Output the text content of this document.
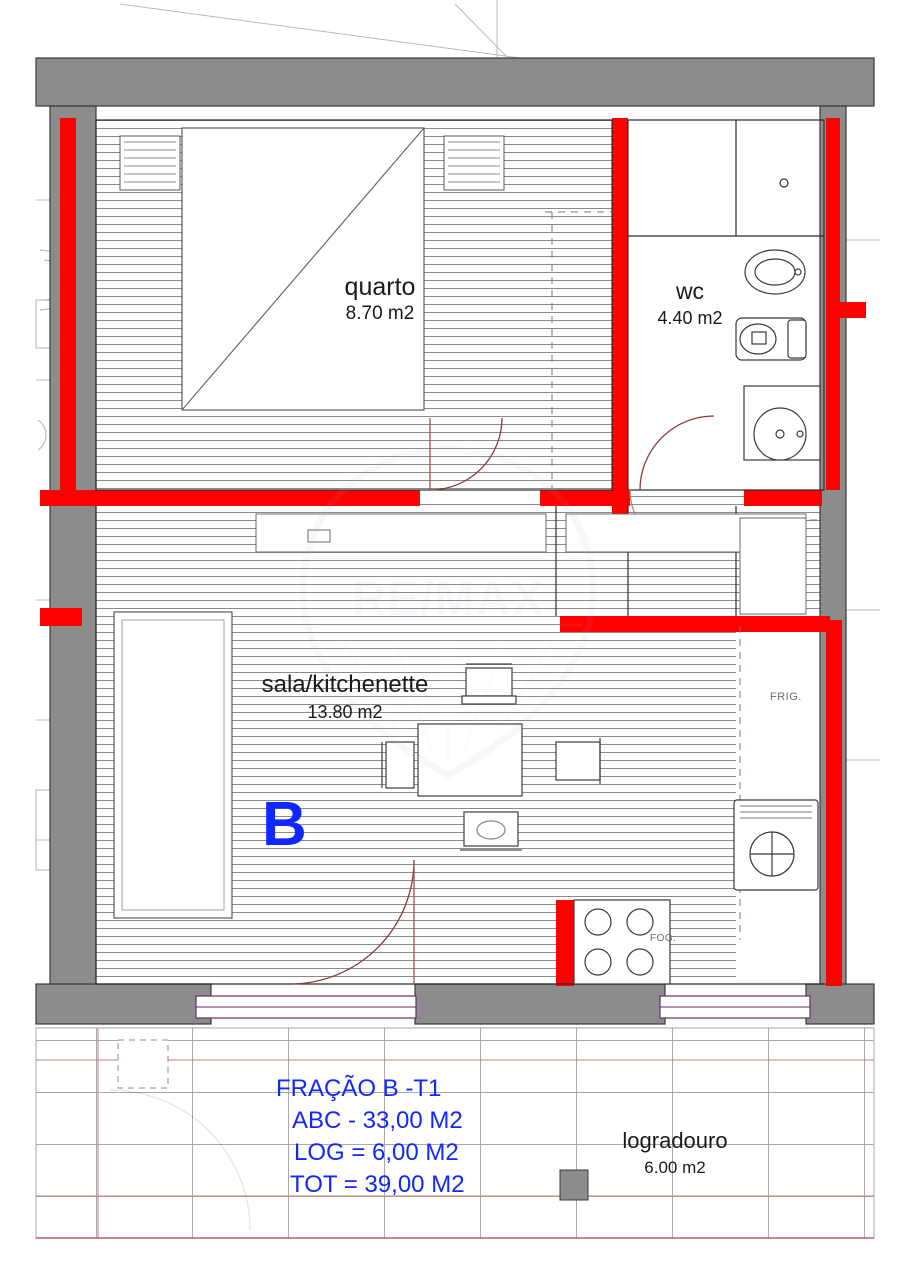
quarto
8.70 m2
wc
4.40 m2
sala/kitchenette
13.80 m2
logradouro
6.00 m2
B
FRAÇÃO B -T1
ABC - 33,00 M2
LOG = 6,00 M2
TOT = 39,00 M2
FRIG.
FOG.
